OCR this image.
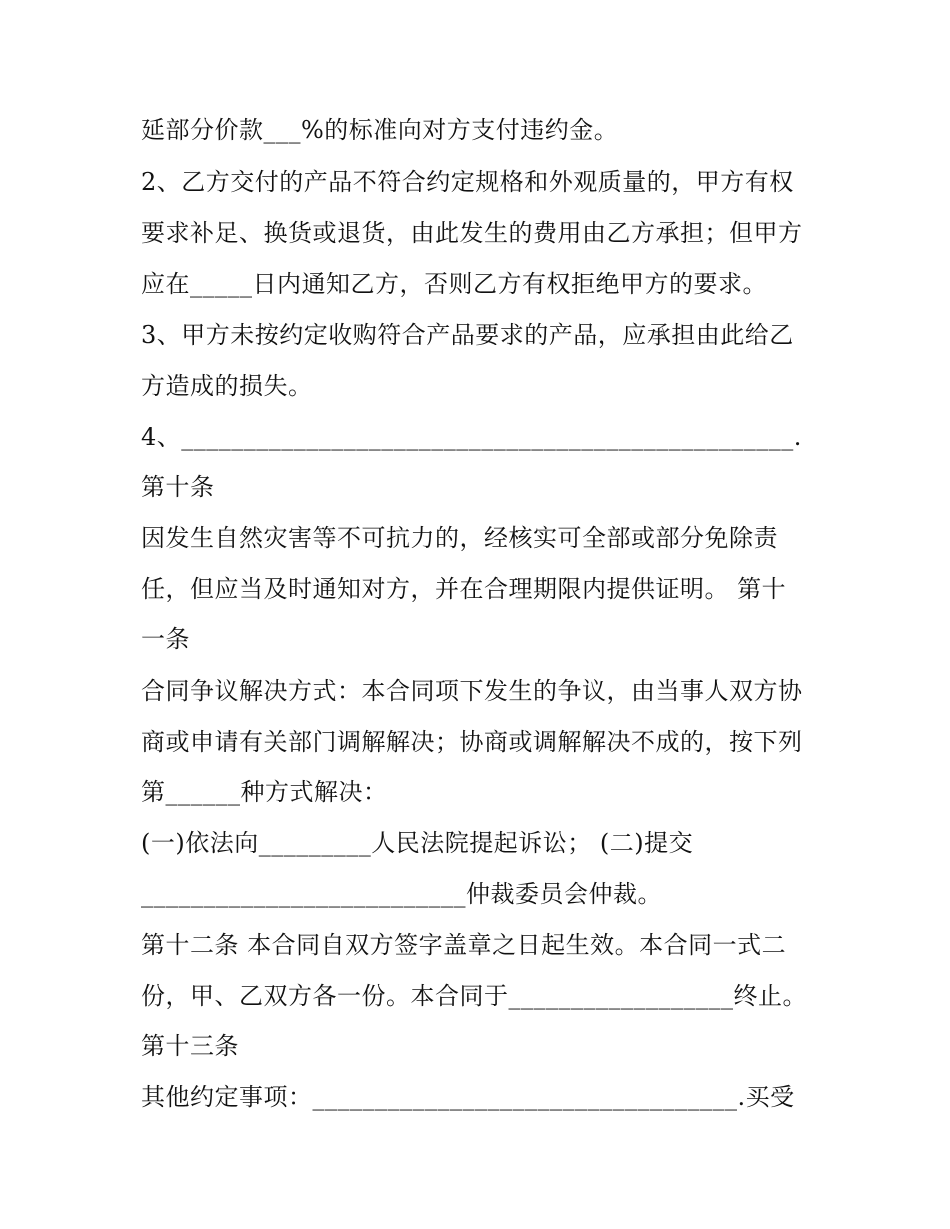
延部分价款___%的标准向对方支付违约金。
2、乙方交付的产品不符合约定规格和外观质量的，甲方有权
要求补足、换货或退货，由此发生的费用由乙方承担；但甲方
应在_____日内通知乙方，否则乙方有权拒绝甲方的要求。
3、甲方未按约定收购符合产品要求的产品，应承担由此给乙
方造成的损失。
4、_________________________________________________.
第十条
因发生自然灾害等不可抗力的，经核实可全部或部分免除责
任，但应当及时通知对方，并在合理期限内提供证明。 第十
一条
合同争议解决方式：本合同项下发生的争议，由当事人双方协
商或申请有关部门调解解决；协商或调解解决不成的，按下列
第______种方式解决：
(一)依法向_________人民法院提起诉讼； (二)提交
__________________________仲裁委员会仲裁。
第十二条 本合同自双方签字盖章之日起生效。本合同一式二
份，甲、乙双方各一份。本合同于__________________终止。
第十三条
其他约定事项：__________________________________.买受
